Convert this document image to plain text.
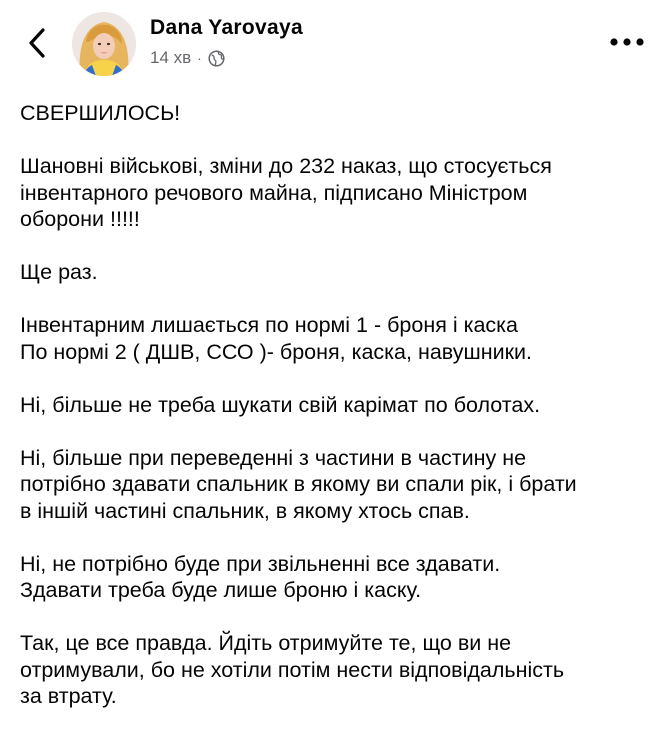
Dana Yarovaya
14 хв ·

СВЕРШИЛОСЬ!

Шановні військові, зміни до 232 наказ, що стосується
інвентарного речового майна, підписано Міністром
оборони !!!!!

Ще раз.

Інвентарним лишається по нормі 1 - броня і каска
По нормі 2 ( ДШВ, ССО )- броня, каска, навушники.

Ні, більше не треба шукати свій карімат по болотах.

Ні, більше при переведенні з частини в частину не
потрібно здавати спальник в якому ви спали рік, і брати
в іншій частині спальник, в якому хтось спав.

Ні, не потрібно буде при звільненні все здавати.
Здавати треба буде лише броню і каску.

Так, це все правда. Йдіть отримуйте те, що ви не
отримували, бо не хотіли потім нести відповідальність
за втрату.
